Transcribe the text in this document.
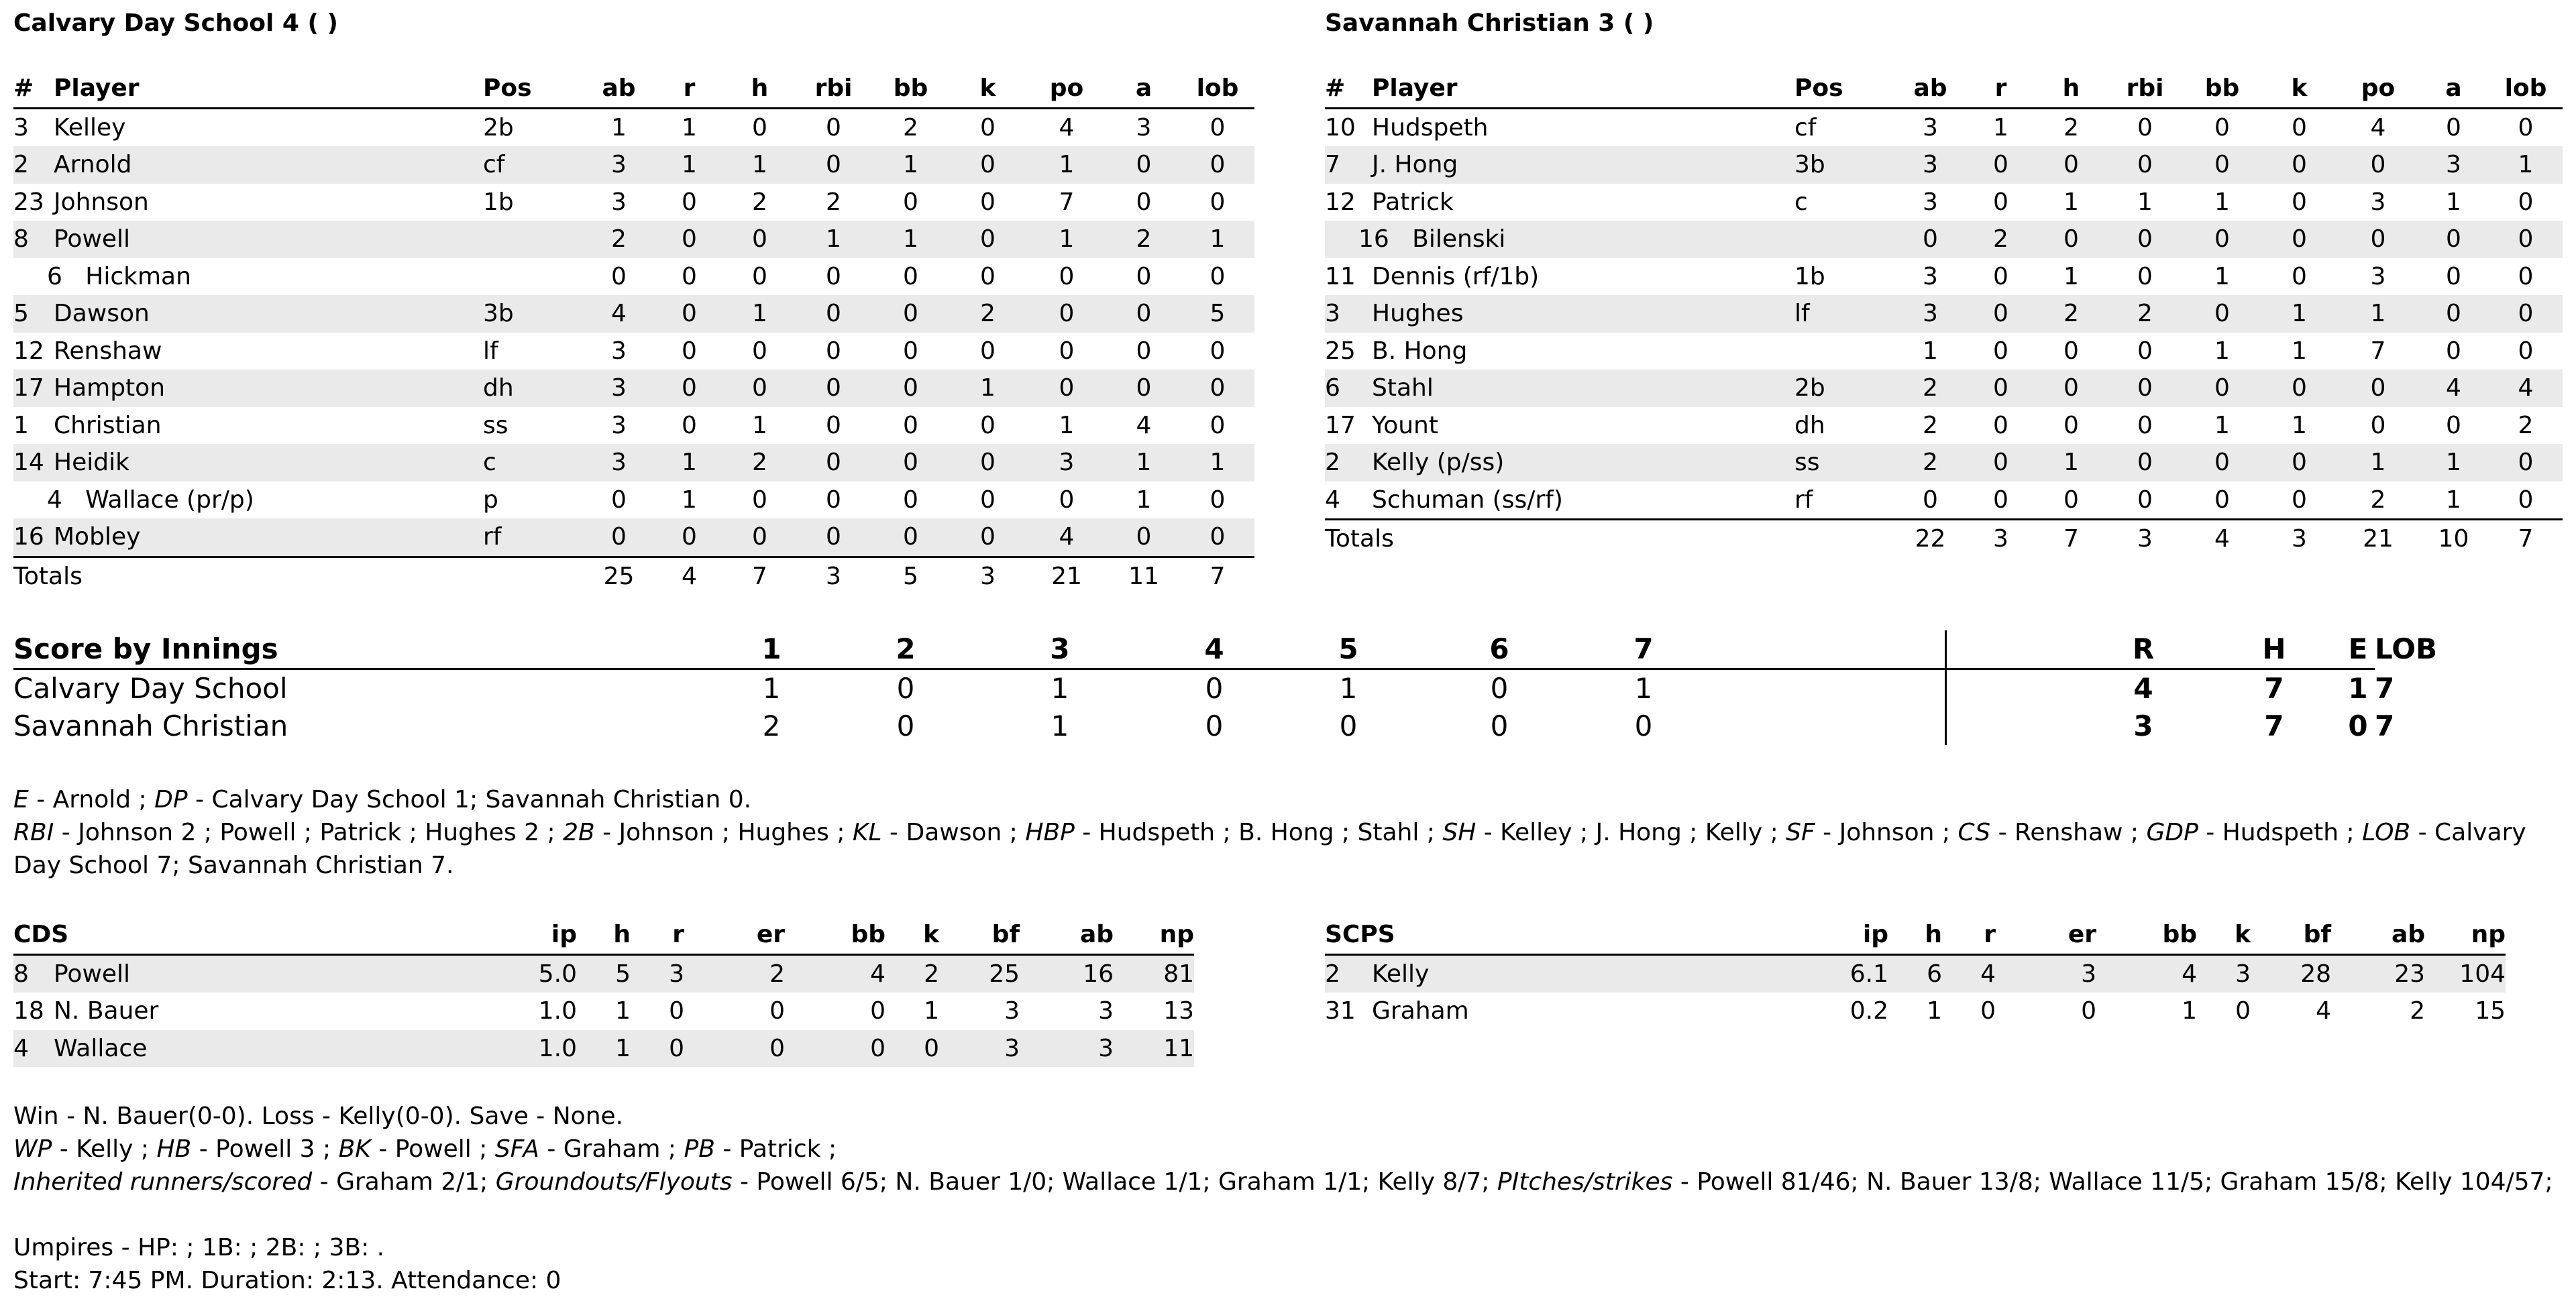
Calvary Day School 4 ( )
#	Player	Pos	ab	r	h	rbi	bb	k	po	a	lob
3	Kelley	2b	1	1	0	0	2	0	4	3	0
2	Arnold	cf	3	1	1	0	1	0	1	0	0
23	Johnson	1b	3	0	2	2	0	0	7	0	0
8	Powell		2	0	0	1	1	0	1	2	1
6 Hickman			0	0	0	0	0	0	0	0	0
5	Dawson	3b	4	0	1	0	0	2	0	0	5
12	Renshaw	lf	3	0	0	0	0	0	0	0	0
17	Hampton	dh	3	0	0	0	0	1	0	0	0
1	Christian	ss	3	0	1	0	0	0	1	4	0
14	Heidik	c	3	1	2	0	0	0	3	1	1
4 Wallace (pr/p)		p	0	1	0	0	0	0	0	1	0
16	Mobley	rf	0	0	0	0	0	0	4	0	0
Totals			25	4	7	3	5	3	21	11	7
Savannah Christian 3 ( )
#	Player	Pos	ab	r	h	rbi	bb	k	po	a	lob
10	Hudspeth	cf	3	1	2	0	0	0	4	0	0
7	J. Hong	3b	3	0	0	0	0	0	0	3	1
12	Patrick	c	3	0	1	1	1	0	3	1	0
16 Bilenski			0	2	0	0	0	0	0	0	0
11	Dennis (rf/1b)	1b	3	0	1	0	1	0	3	0	0
3	Hughes	lf	3	0	2	2	0	1	1	0	0
25	B. Hong		1	0	0	0	1	1	7	0	0
6	Stahl	2b	2	0	0	0	0	0	0	4	4
17	Yount	dh	2	0	0	0	1	1	0	0	2
2	Kelly (p/ss)	ss	2	0	1	0	0	0	1	1	0
4	Schuman (ss/rf)	rf	0	0	0	0	0	0	2	1	0
Totals			22	3	7	3	4	3	21	10	7
Score by Innings	1	2	3	4	5	6	7			R	H	E	LOB	
Calvary Day School	1	0	1	0	1	0	1			4	7	1	7	
Savannah Christian	2	0	1	0	0	0	0			3	7	0	7	
E - Arnold ; DP - Calvary Day School 1; Savannah Christian 0.
RBI - Johnson 2 ; Powell ; Patrick ; Hughes 2 ; 2B - Johnson ; Hughes ; KL - Dawson ; HBP - Hudspeth ; B. Hong ; Stahl ; SH - Kelley ; J. Hong ; Kelly ; SF - Johnson ; CS - Renshaw ; GDP - Hudspeth ; LOB - Calvary Day School 7; Savannah Christian 7.
CDS		ip	h	r	er	bb	k	bf	ab	np
8	Powell	5.0	5	3	2	4	2	25	16	81
18	N. Bauer	1.0	1	0	0	0	1	3	3	13
4	Wallace	1.0	1	0	0	0	0	3	3	11
SCPS		ip	h	r	er	bb	k	bf	ab	np
2	Kelly	6.1	6	4	3	4	3	28	23	104
31	Graham	0.2	1	0	0	1	0	4	2	15
Win - N. Bauer(0-0). Loss - Kelly(0-0). Save - None.
WP - Kelly ; HB - Powell 3 ; BK - Powell ; SFA - Graham ; PB - Patrick ;
Inherited runners/scored - Graham 2/1; Groundouts/Flyouts - Powell 6/5; N. Bauer 1/0; Wallace 1/1; Graham 1/1; Kelly 8/7; PItches/strikes - Powell 81/46; N. Bauer 13/8; Wallace 11/5; Graham 15/8; Kelly 104/57;
Umpires - HP: ; 1B: ; 2B: ; 3B: .
Start: 7:45 PM. Duration: 2:13. Attendance: 0
